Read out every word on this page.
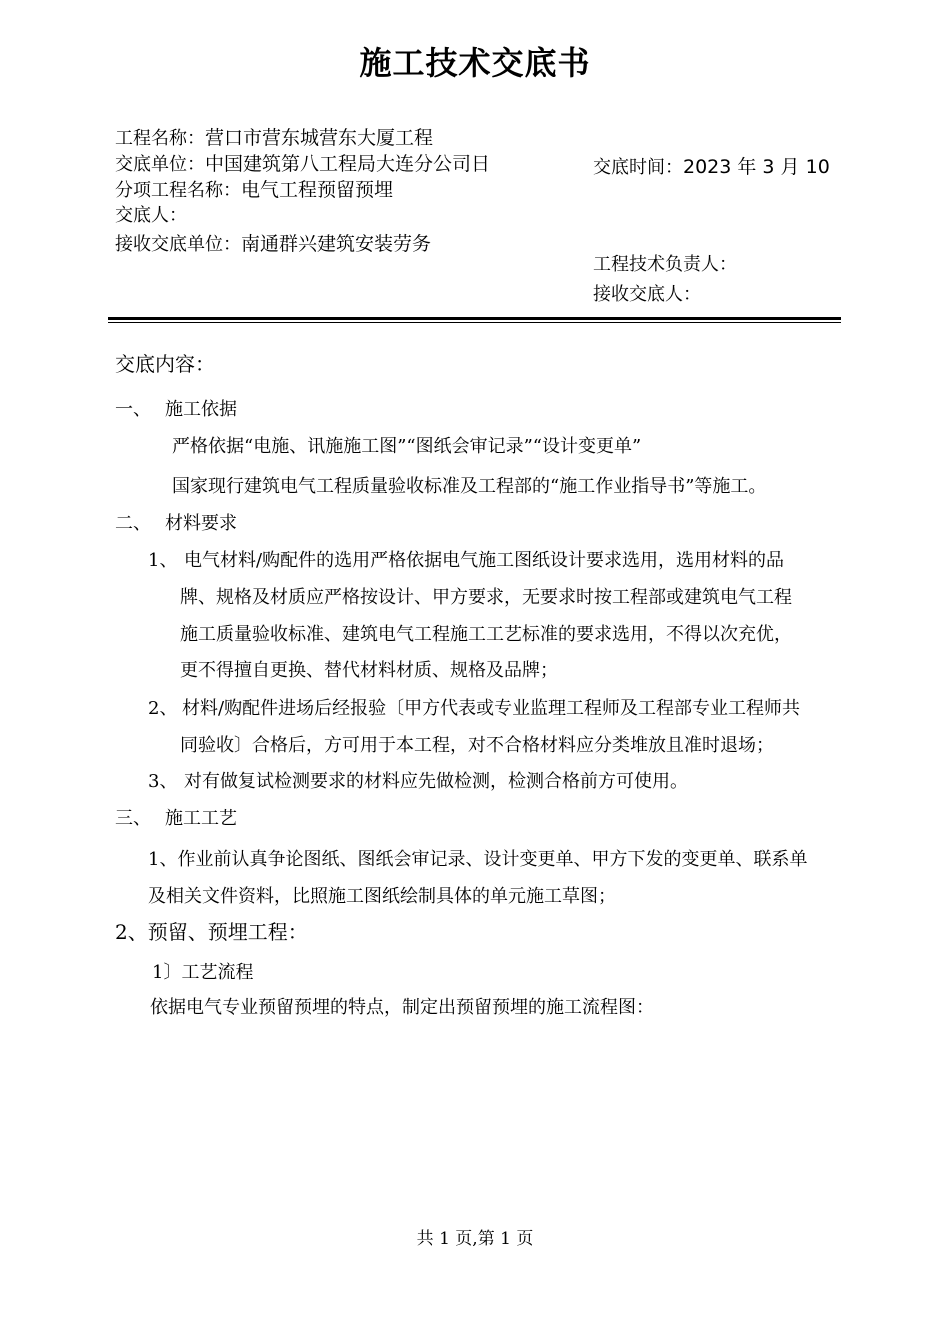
施工技术交底书
工程名称：营口市营东城营东大厦工程
交底单位：中国建筑第八工程局大连分公司日
分项工程名称：电气工程预留预埋
交底人：
接收交底单位：南通群兴建筑安装劳务
交底时间：2023 年 3 月 10
工程技术负责人：
接收交底人：
交底内容：
一、 施工依据
严格依据“电施、讯施施工图”“图纸会审记录”“设计变更单”
国家现行建筑电气工程质量验收标准及工程部的“施工作业指导书”等施工。
二、 材料要求
1、 电气材料/购配件的选用严格依据电气施工图纸设计要求选用，选用材料的品
牌、规格及材质应严格按设计、甲方要求，无要求时按工程部或建筑电气工程
施工质量验收标准、建筑电气工程施工工艺标准的要求选用，不得以次充优，
更不得擅自更换、替代材料材质、规格及品牌；
2、 材料/购配件进场后经报验〔甲方代表或专业监理工程师及工程部专业工程师共
同验收〕合格后，方可用于本工程，对不合格材料应分类堆放且准时退场；
3、 对有做复试检测要求的材料应先做检测，检测合格前方可使用。
三、 施工工艺
1、作业前认真争论图纸、图纸会审记录、设计变更单、甲方下发的变更单、联系单
及相关文件资料，比照施工图纸绘制具体的单元施工草图；
2、预留、预埋工程：
1〕工艺流程
依据电气专业预留预埋的特点，制定出预留预埋的施工流程图：
共 1 页,第 1 页
